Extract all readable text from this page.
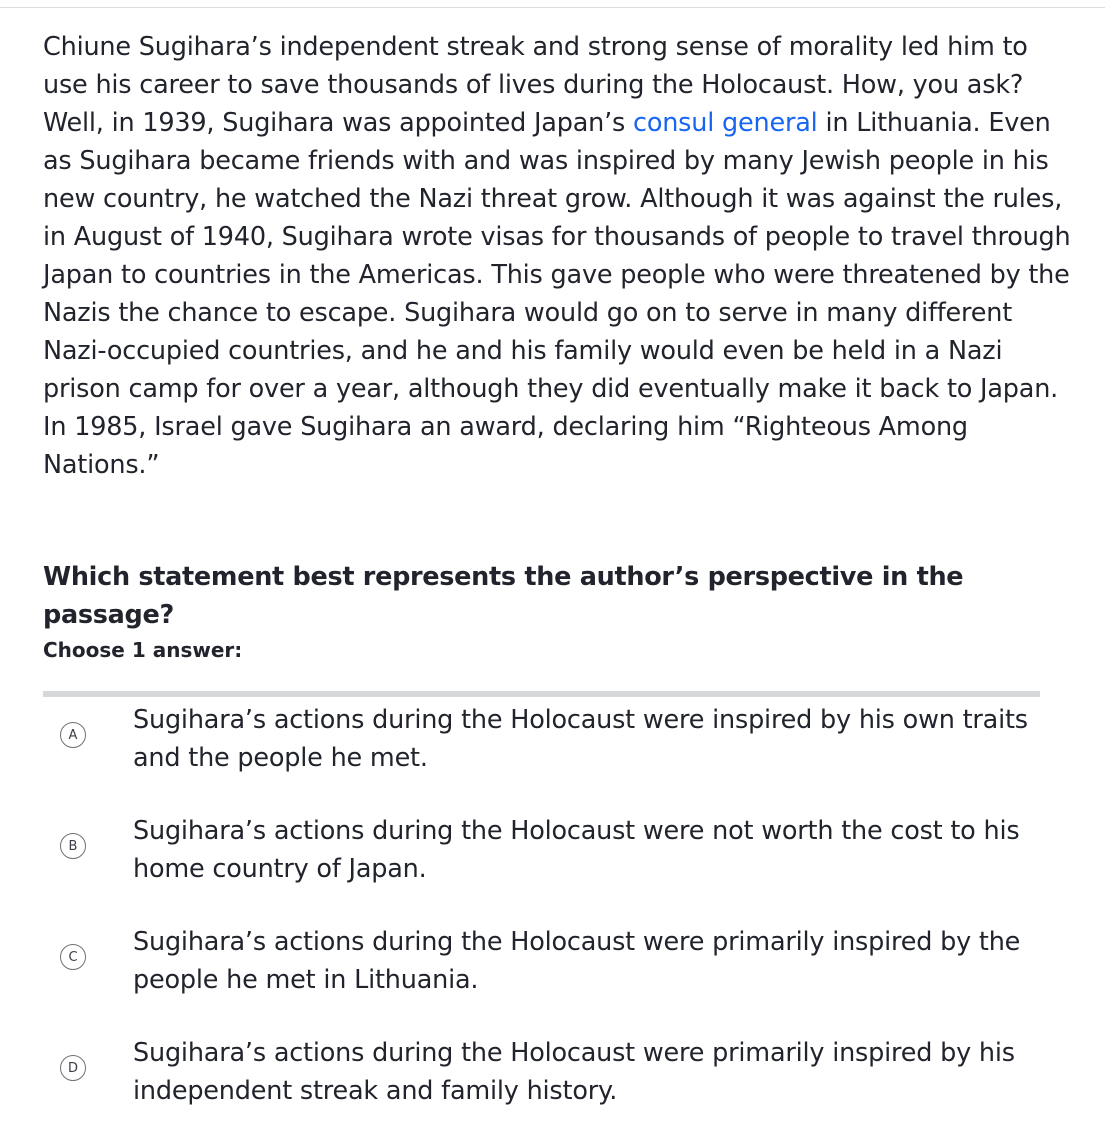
Chiune Sugihara’s independent streak and strong sense of morality led him to use his career to save thousands of lives during the Holocaust. How, you ask? Well, in 1939, Sugihara was appointed Japan’s consul general in Lithuania. Even as Sugihara became friends with and was inspired by many Jewish people in his new country, he watched the Nazi threat grow. Although it was against the rules, in August of 1940, Sugihara wrote visas for thousands of people to travel through Japan to countries in the Americas. This gave people who were threatened by the Nazis the chance to escape. Sugihara would go on to serve in many different Nazi-occupied countries, and he and his family would even be held in a Nazi prison camp for over a year, although they did eventually make it back to Japan. In 1985, Israel gave Sugihara an award, declaring him “Righteous Among Nations.”

Which statement best represents the author’s perspective in the passage?

Choose 1 answer:

A	Sugihara’s actions during the Holocaust were inspired by his own traits and the people he met.
B	Sugihara’s actions during the Holocaust were not worth the cost to his home country of Japan.
C	Sugihara’s actions during the Holocaust were primarily inspired by the people he met in Lithuania.
D	Sugihara’s actions during the Holocaust were primarily inspired by his independent streak and family history.
